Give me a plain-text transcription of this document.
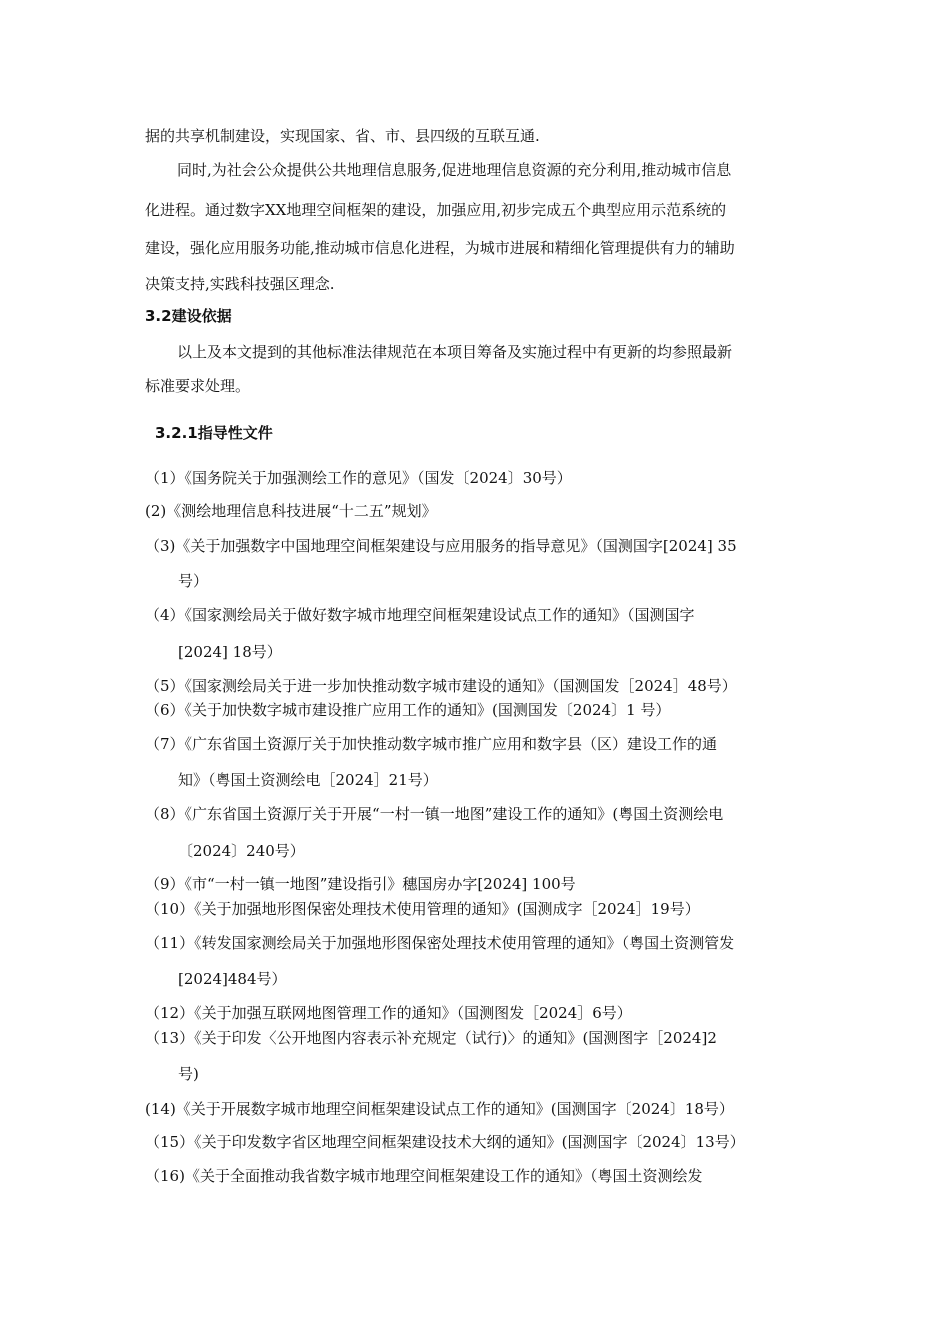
据的共享机制建设，实现国家、省、市、县四级的互联互通.
同时,为社会公众提供公共地理信息服务,促进地理信息资源的充分利用,推动城市信息
化进程。通过数字XX地理空间框架的建设，加强应用,初步完成五个典型应用示范系统的
建设，强化应用服务功能,推动城市信息化进程，为城市进展和精细化管理提供有力的辅助
决策支持,实践科技强区理念.
3.2建设依据
以上及本文提到的其他标准法律规范在本项目筹备及实施过程中有更新的均参照最新
标准要求处理。
3.2.1指导性文件
（1）《国务院关于加强测绘工作的意见》（国发〔2024〕30号）
(2)《测绘地理信息科技进展“十二五”规划》
（3)《关于加强数字中国地理空间框架建设与应用服务的指导意见》（国测国字[2024] 35
号）
（4）《国家测绘局关于做好数字城市地理空间框架建设试点工作的通知》（国测国字
[2024] 18号）
（5）《国家测绘局关于进一步加快推动数字城市建设的通知》（国测国发［2024］48号）
（6）《关于加快数字城市建设推广应用工作的通知》(国测国发〔2024〕1 号）
（7）《广东省国土资源厅关于加快推动数字城市推广应用和数字县（区）建设工作的通
知》（粤国土资测绘电［2024］21号）
（8）《广东省国土资源厅关于开展“一村一镇一地图”建设工作的通知》(粤国土资测绘电
〔2024〕240号）
（9）《市“一村一镇一地图”建设指引》穗国房办字[2024] 100号
（10）《关于加强地形图保密处理技术使用管理的通知》(国测成字［2024］19号）
（11）《转发国家测绘局关于加强地形图保密处理技术使用管理的通知》（粤国土资测管发
[2024]484号）
（12）《关于加强互联网地图管理工作的通知》（国测图发［2024］6号）
（13）《关于印发〈公开地图内容表示补充规定（试行)〉的通知》(国测图字［2024]2
号)
(14)《关于开展数字城市地理空间框架建设试点工作的通知》(国测国字〔2024〕18号）
（15）《关于印发数字省区地理空间框架建设技术大纲的通知》(国测国字〔2024〕13号）
（16)《关于全面推动我省数字城市地理空间框架建设工作的通知》（粤国土资测绘发
